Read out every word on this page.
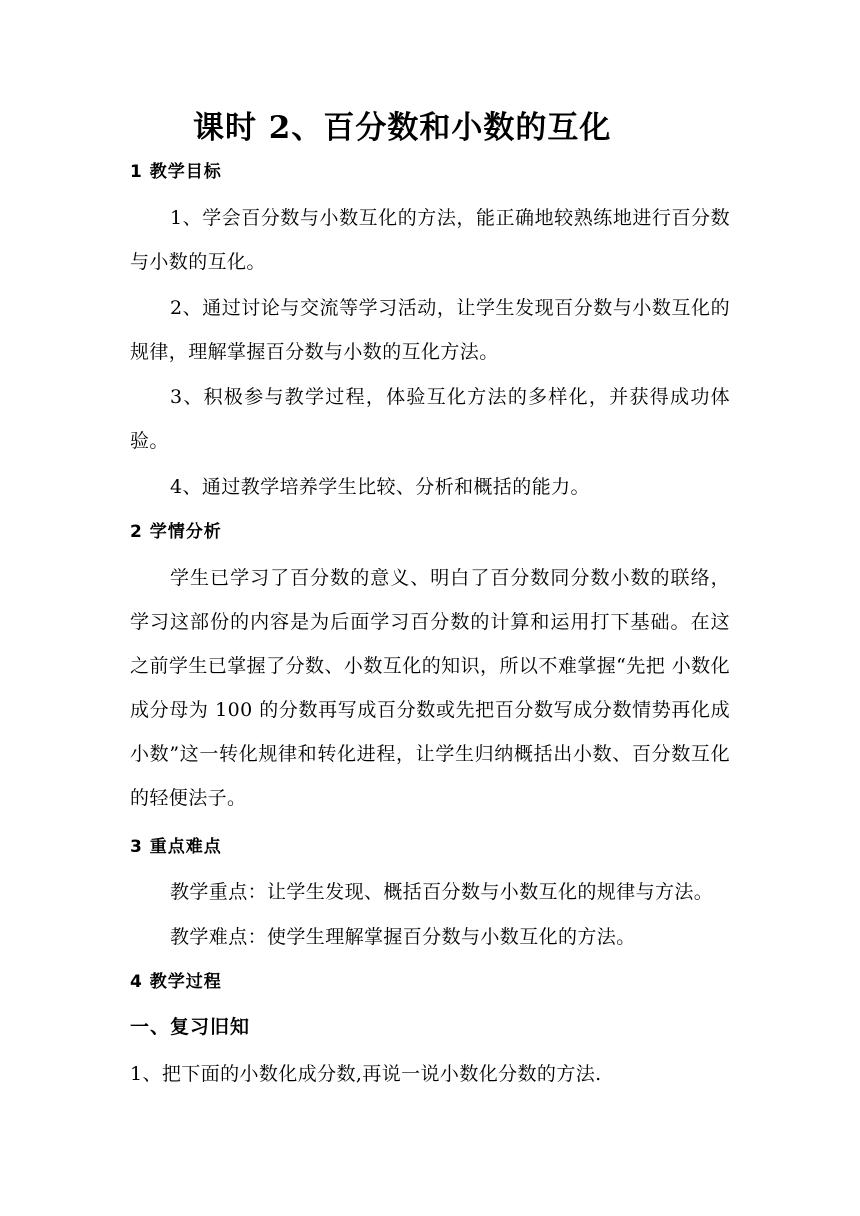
课时 2、百分数和小数的互化
1 教学目标

1、学会百分数与小数互化的方法，能正确地较熟练地进行百分数与小数的互化。

2、通过讨论与交流等学习活动，让学生发现百分数与小数互化的规律，理解掌握百分数与小数的互化方法。

3、积极参与教学过程，体验互化方法的多样化，并获得成功体验。

4、通过教学培养学生比较、分析和概括的能力。

2 学情分析

学生已学习了百分数的意义、明白了百分数同分数小数的联络，学习这部份的内容是为后面学习百分数的计算和运用打下基础。在这之前学生已掌握了分数、小数互化的知识，所以不难掌握“先把 小数化成分母为 100 的分数再写成百分数或先把百分数写成分数情势再化成小数”这一转化规律和转化进程，让学生归纳概括出小数、百分数互化的轻便法子。

3 重点难点

教学重点：让学生发现、概括百分数与小数互化的规律与方法。

教学难点：使学生理解掌握百分数与小数互化的方法。

4 教学过程
一、复习旧知

1、把下面的小数化成分数,再说一说小数化分数的方法.
